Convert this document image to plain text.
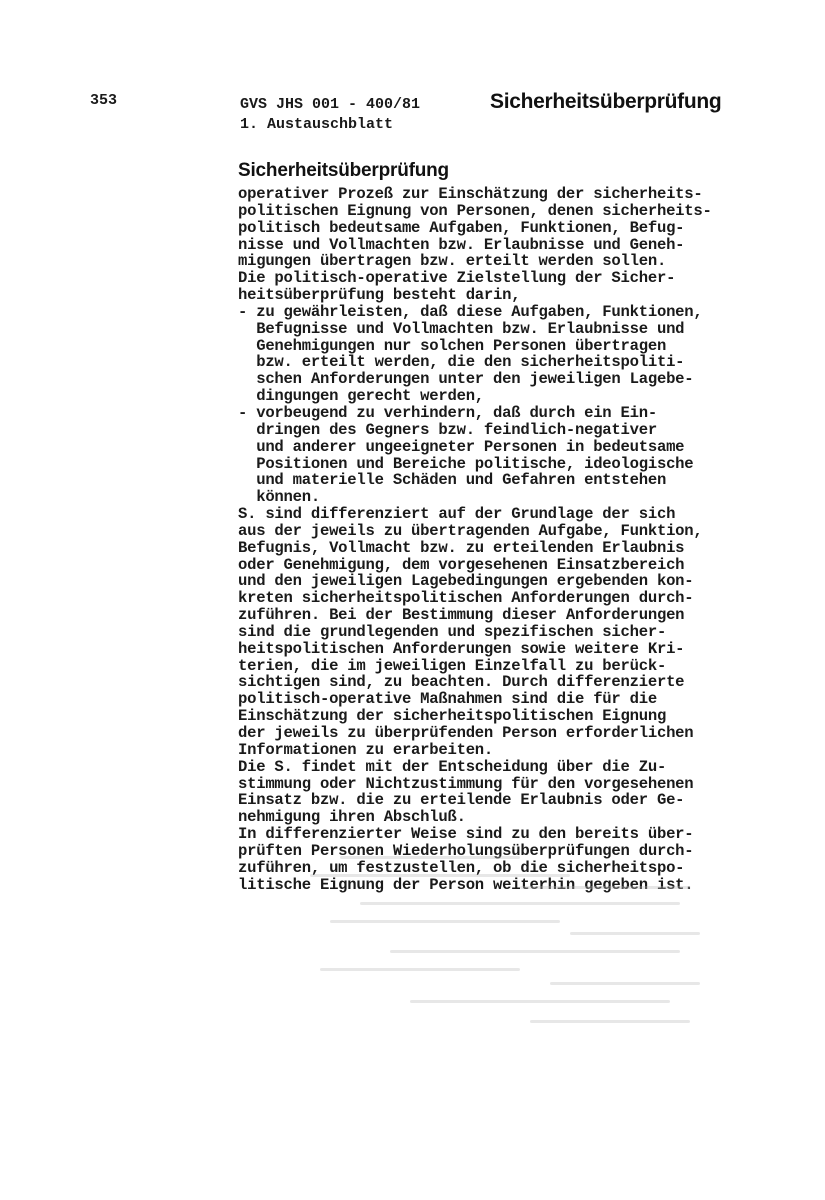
353	GVS JHS 001 - 400/81
1. Austauschblatt
Sicherheitsüberprüfung
Sicherheitsüberprüfung
operativer Prozeß zur Einschätzung der sicherheits-
politischen Eignung von Personen, denen sicherheits-
politisch bedeutsame Aufgaben, Funktionen, Befug-
nisse und Vollmachten bzw. Erlaubnisse und Geneh-
migungen übertragen bzw. erteilt werden sollen.
Die politisch-operative Zielstellung der Sicher-
heitsüberprüfung besteht darin,
- zu gewährleisten, daß diese Aufgaben, Funktionen,
Befugnisse und Vollmachten bzw. Erlaubnisse und
Genehmigungen nur solchen Personen übertragen
bzw. erteilt werden, die den sicherheitspoliti-
schen Anforderungen unter den jeweiligen Lagebe-
dingungen gerecht werden,
- vorbeugend zu verhindern, daß durch ein Ein-
dringen des Gegners bzw. feindlich-negativer
und anderer ungeeigneter Personen in bedeutsame
Positionen und Bereiche politische, ideologische
und materielle Schäden und Gefahren entstehen
können.
S. sind differenziert auf der Grundlage der sich
aus der jeweils zu übertragenden Aufgabe, Funktion,
Befugnis, Vollmacht bzw. zu erteilenden Erlaubnis
oder Genehmigung, dem vorgesehenen Einsatzbereich
und den jeweiligen Lagebedingungen ergebenden kon-
kreten sicherheitspolitischen Anforderungen durch-
zuführen. Bei der Bestimmung dieser Anforderungen
sind die grundlegenden und spezifischen sicher-
heitspolitischen Anforderungen sowie weitere Kri-
terien, die im jeweiligen Einzelfall zu berück-
sichtigen sind, zu beachten. Durch differenzierte
politisch-operative Maßnahmen sind die für die
Einschätzung der sicherheitspolitischen Eignung
der jeweils zu überprüfenden Person erforderlichen
Informationen zu erarbeiten.
Die S. findet mit der Entscheidung über die Zu-
stimmung oder Nichtzustimmung für den vorgesehenen
Einsatz bzw. die zu erteilende Erlaubnis oder Ge-
nehmigung ihren Abschluß.
In differenzierter Weise sind zu den bereits über-
prüften Personen Wiederholungsüberprüfungen durch-
zuführen, um festzustellen, ob die sicherheitspo-
litische Eignung der Person weiterhin gegeben ist.
